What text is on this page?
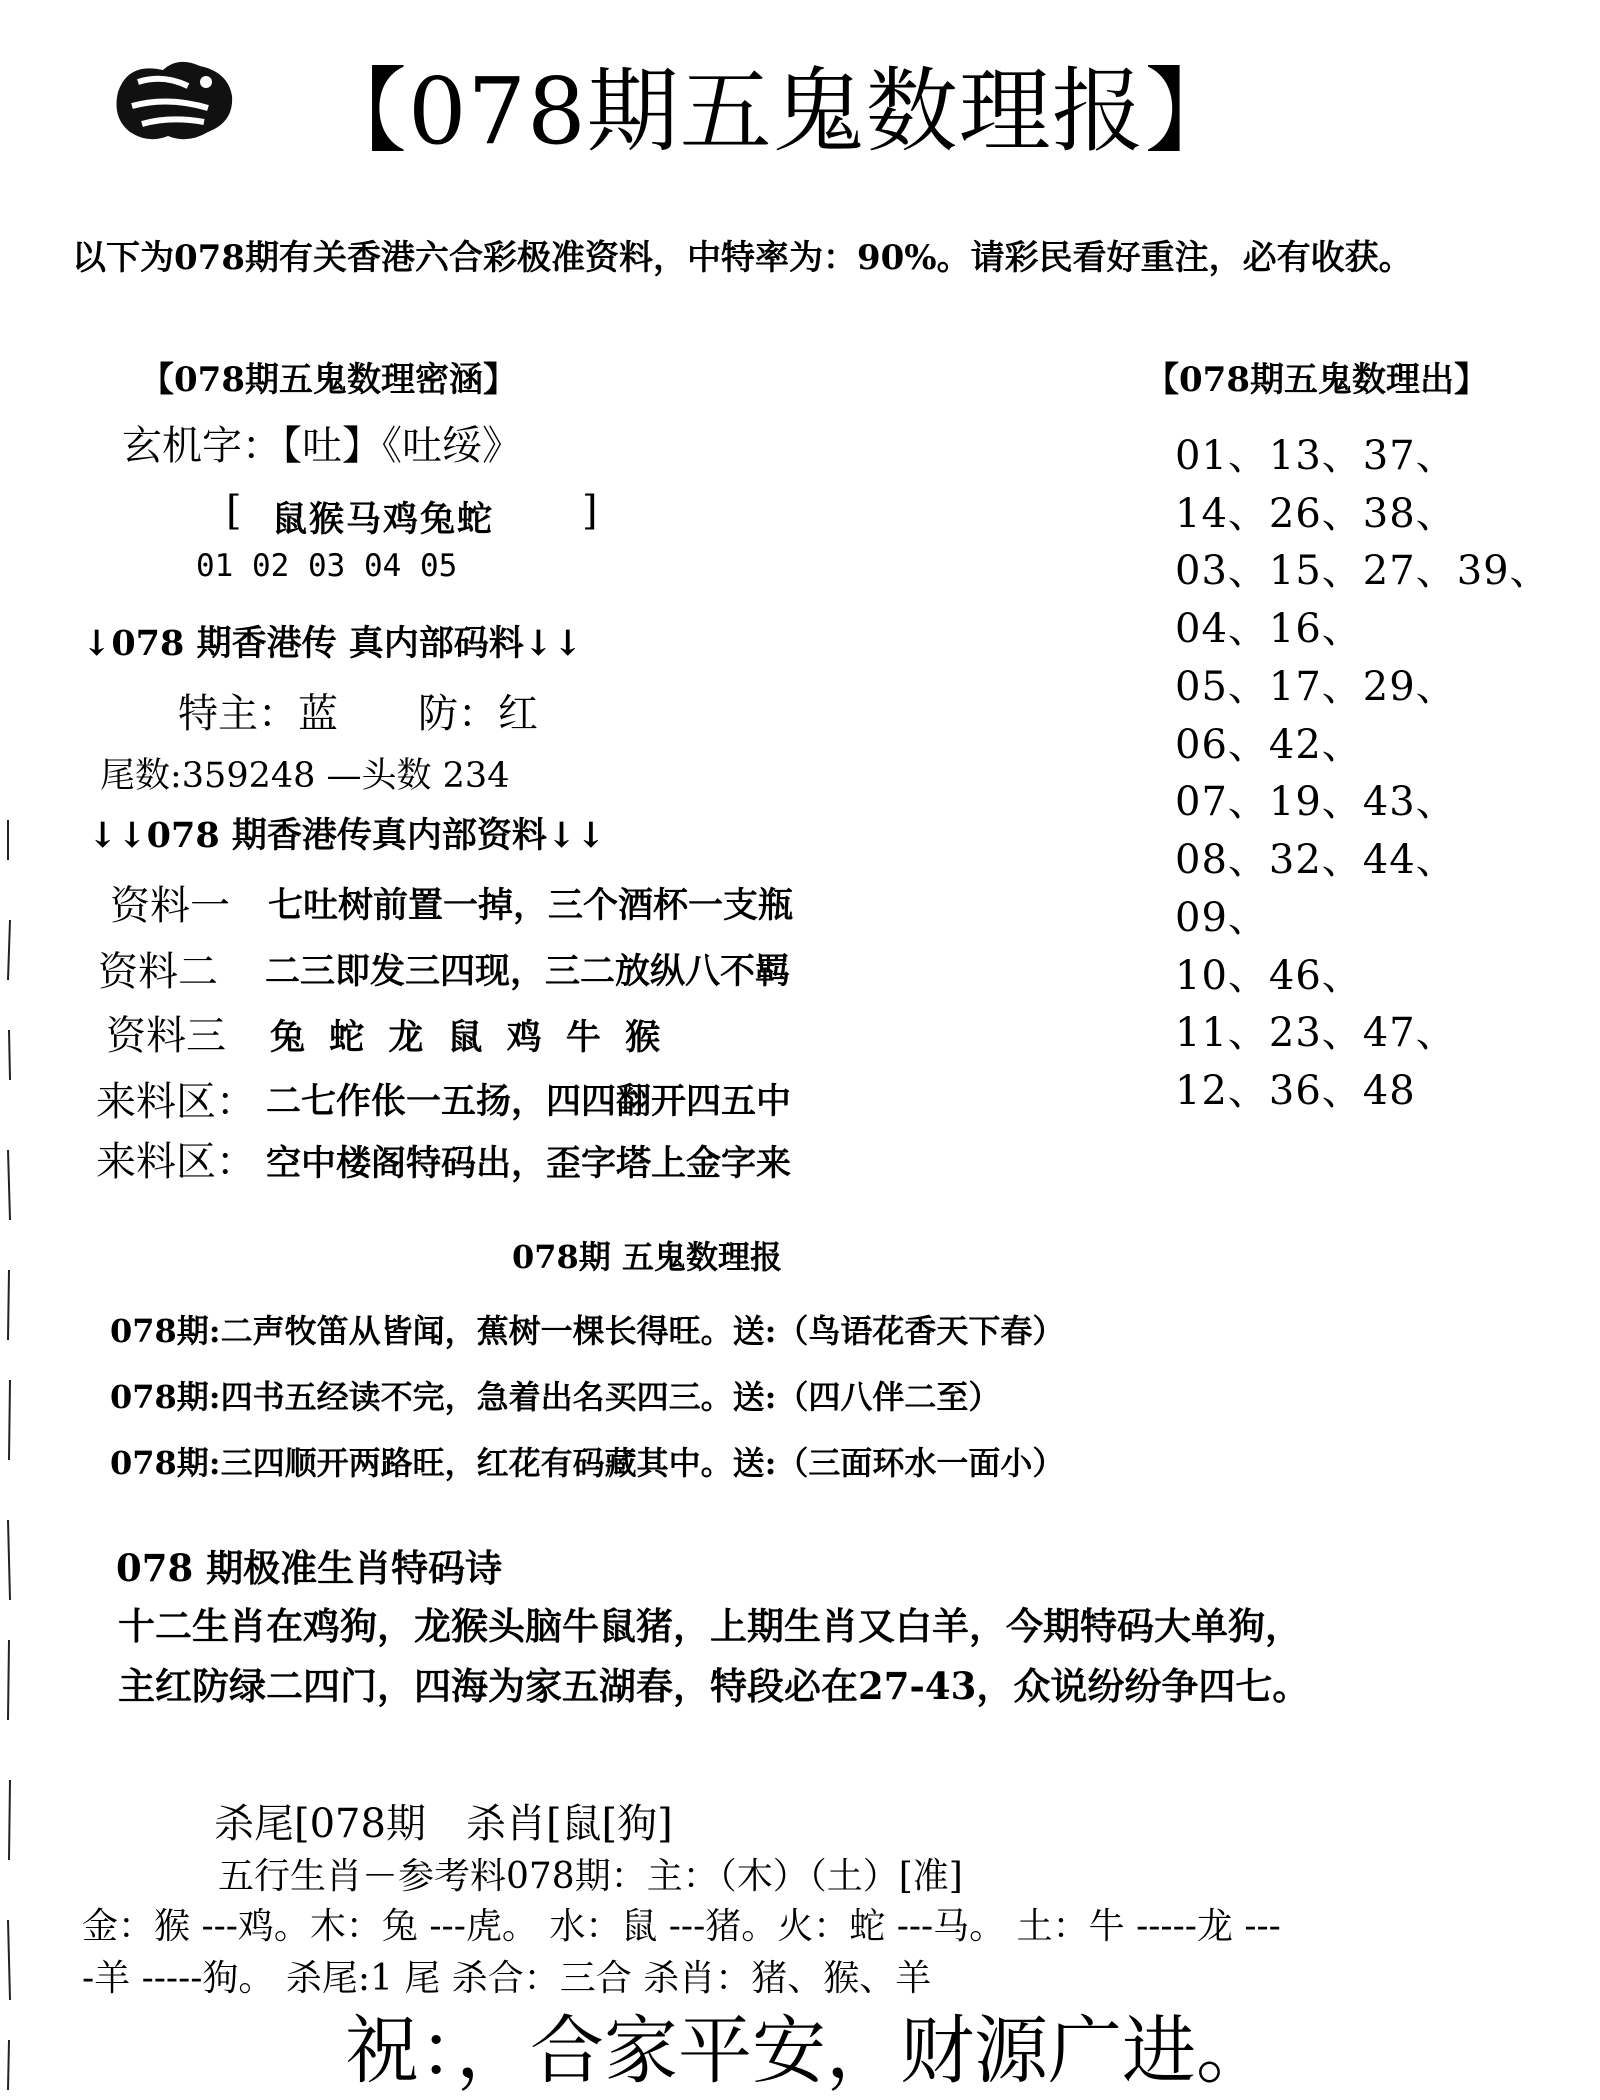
【078期五鬼数理报】
以下为078期有关香港六合彩极准资料，中特率为：90%。请彩民看好重注，必有收获。
【078期五鬼数理密涵】
玄机字：【吐】《吐绥》
[ 鼠猴马鸡兔蛇 ]
01 02 03 04 05
↓078 期香港传 真内部码料↓↓
特主：蓝　　防：红
尾数:359248 —头数 234
↓↓078 期香港传真内部资料↓↓
资料一 七吐树前置一掉，三个酒杯一支瓶
资料二 二三即发三四现，三二放纵八不羁
资料三 兔 蛇 龙 鼠 鸡 牛 猴
来料区： 二七作伥一五扬，四四翻开四五中
来料区： 空中楼阁特码出，歪字塔上金字来
【078期五鬼数理出】
01、13、37、
14、26、38、
03、15、27、39、
04、16、
05、17、29、
06、42、
07、19、43、
08、32、44、
09、
10、46、
11、23、47、
12、36、48
078期 五鬼数理报
078期:二声牧笛从皆闻，蕉树一棵长得旺。送:（鸟语花香天下春）
078期:四书五经读不完，急着出名买四三。送:（四八伴二至）
078期:三四顺开两路旺，红花有码藏其中。送:（三面环水一面小）
078 期极准生肖特码诗
十二生肖在鸡狗，龙猴头脑牛鼠猪，上期生肖又白羊，今期特码大单狗，
主红防绿二四门，四海为家五湖春，特段必在27-43，众说纷纷争四七。
杀尾[078期　杀肖[鼠[狗]
五行生肖－参考料078期：主：（木）（土）[准]
金：猴 ---鸡。木：兔 ---虎。 水：鼠 ---猪。火：蛇 ---马。 土：牛 -----龙 ---
-羊 -----狗。 杀尾:1 尾 杀合：三合 杀肖：猪、猴、羊
祝：，合家平安，财源广进。
